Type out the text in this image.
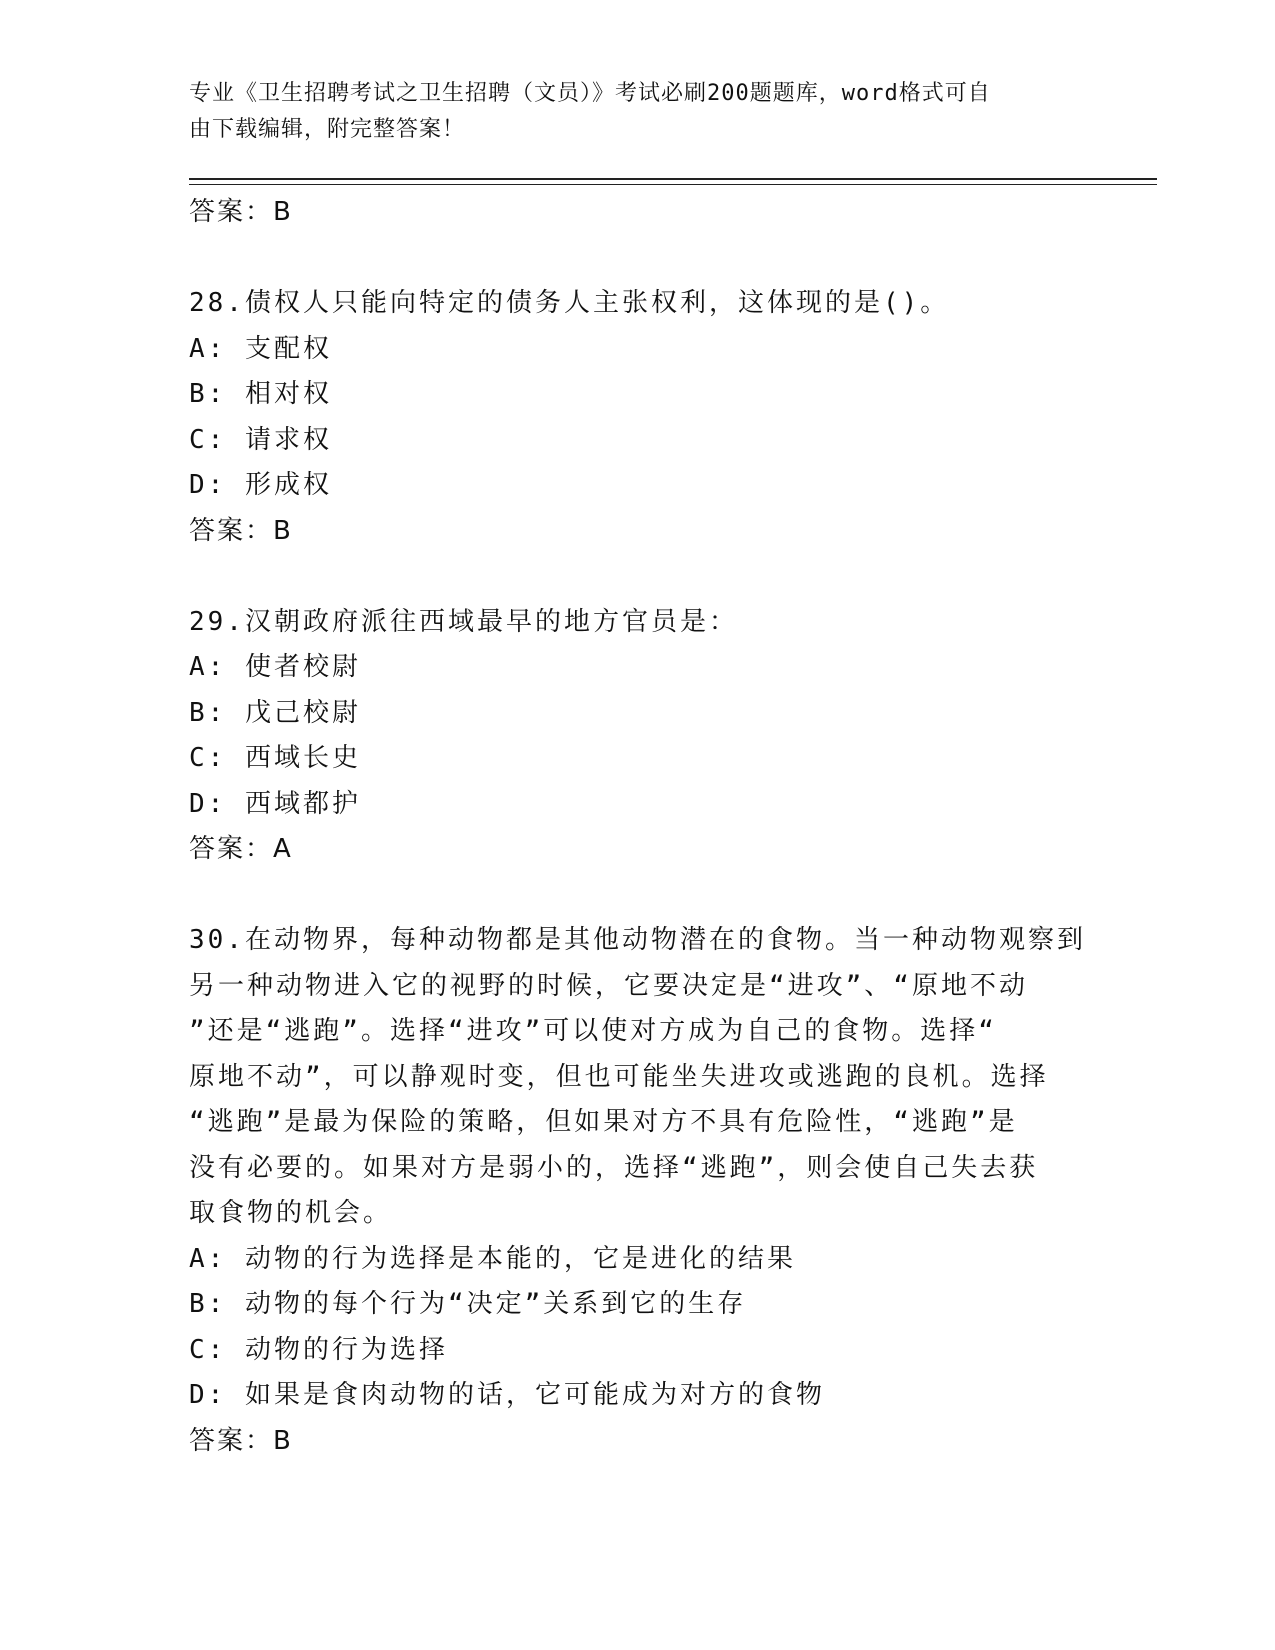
专业《卫生招聘考试之卫生招聘（文员）》考试必刷200题题库，word格式可自
由下载编辑，附完整答案！

答案：B

28.债权人只能向特定的债务人主张权利，这体现的是()。

A: 支配权

B: 相对权

C: 请求权

D: 形成权

答案：B

29.汉朝政府派往西域最早的地方官员是：

A: 使者校尉

B: 戊己校尉

C: 西域长史

D: 西域都护

答案：A

30.在动物界，每种动物都是其他动物潜在的食物。当一种动物观察到

另一种动物进入它的视野的时候，它要决定是“进攻”、“原地不动

”还是“逃跑”。选择“进攻”可以使对方成为自己的食物。选择“

原地不动”，可以静观时变，但也可能坐失进攻或逃跑的良机。选择

“逃跑”是最为保险的策略，但如果对方不具有危险性，“逃跑”是

没有必要的。如果对方是弱小的，选择“逃跑”，则会使自己失去获

取食物的机会。

A: 动物的行为选择是本能的，它是进化的结果

B: 动物的每个行为“决定”关系到它的生存

C: 动物的行为选择

D: 如果是食肉动物的话，它可能成为对方的食物

答案：B
